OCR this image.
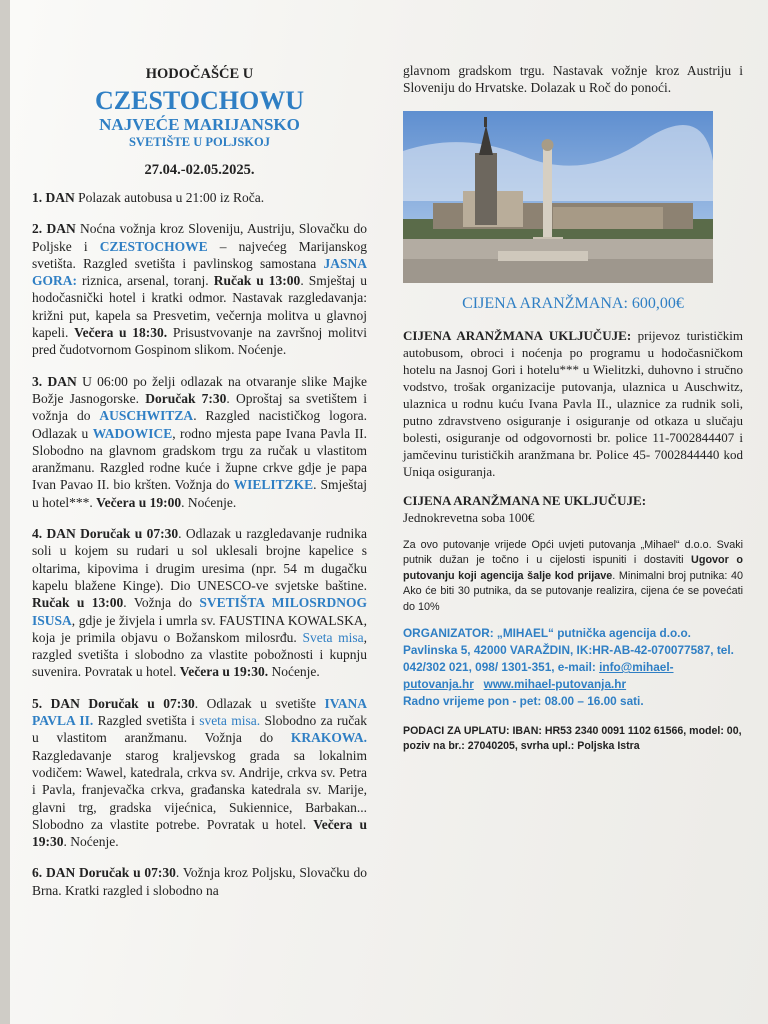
HODOČAŠĆE U
CZESTOCHOWU
NAJVEĆE MARIJANSKO
SVETIŠTE U POLJSKOJ
27.04.-02.05.2025.

1. DAN Polazak autobusa u 21:00 iz Roča.

2. DAN Noćna vožnja kroz Sloveniju, Austriju, Slovačku do Poljske i CZESTOCHOWE – najvećeg Marijanskog svetišta. Razgled svetišta i pavlinskog samostana JASNA GORA: riznica, arsenal, toranj. Ručak u 13:00. Smještaj u hodočasnički hotel i kratki odmor. Nastavak razgledavanja: križni put, kapela sa Presvetim, večernja molitva u glavnoj kapeli. Večera u 18:30. Prisustvovanje na završnoj molitvi pred čudotvornom Gospinom slikom. Noćenje.

3. DAN U 06:00 po želji odlazak na otvaranje slike Majke Božje Jasnogorske. Doručak 7:30. Oproštaj sa svetištem i vožnja do AUSCHWITZA. Razgled nacističkog logora. Odlazak u WADOWICE, rodno mjesta pape Ivana Pavla II. Slobodno na glavnom gradskom trgu za ručak u vlastitom aranžmanu. Razgled rodne kuće i župne crkve gdje je papa Ivan Pavao II. bio kršten. Vožnja do WIELITZKE. Smještaj u hotel***. Večera u 19:00. Noćenje.

4. DAN Doručak u 07:30. Odlazak u razgledavanje rudnika soli u kojem su rudari u sol uklesali brojne kapelice s oltarima, kipovima i drugim uresima (npr. 54 m dugačku kapelu blažene Kinge). Dio UNESCO-ve svjetske baštine. Ručak u 13:00. Vožnja do SVETIŠTA MILOSRDNOG ISUSA, gdje je živjela i umrla sv. FAUSTINA KOWALSKA, koja je primila objavu o Božanskom milosrđu. Sveta misa, razgled svetišta i slobodno za vlastite pobožnosti i kupnju suvenira. Povratak u hotel. Večera u 19:30. Noćenje.

5. DAN Doručak u 07:30. Odlazak u svetište IVANA PAVLA II. Razgled svetišta i sveta misa. Slobodno za ručak u vlastitom aranžmanu. Vožnja do KRAKOWA. Razgledavanje starog kraljevskog grada sa lokalnim vodičem: Wawel, katedrala, crkva sv. Andrije, crkva sv. Petra i Pavla, franjevačka crkva, građanska katedrala sv. Marije, glavni trg, gradska vijećnica, Sukiennice, Barbakan... Slobodno za vlastite potrebe. Povratak u hotel. Večera u 19:30. Noćenje.

6. DAN Doručak u 07:30. Vožnja kroz Poljsku, Slovačku do Brna. Kratki razgled i slobodno na

glavnom gradskom trgu. Nastavak vožnje kroz Austriju i Sloveniju do Hrvatske. Dolazak u Roč do ponoći.

CIJENA ARANŽMANA: 600,00€

CIJENA ARANŽMANA UKLJUČUJE: prijevoz turističkim autobusom, obroci i noćenja po programu u hodočasničkom hotelu na Jasnoj Gori i hotelu*** u Wielitzki, duhovno i stručno vodstvo, trošak organizacije putovanja, ulaznica u Auschwitz, ulaznica u rodnu kuću Ivana Pavla II., ulaznice za rudnik soli, putno zdravstveno osiguranje i osiguranje od otkaza u slučaju bolesti, osiguranje od odgovornosti br. police 11-7002844407 i jamčevinu turističkih aranžmana br. Police 45- 7002844440 kod Uniqa osiguranja.

CIJENA ARANŽMANA NE UKLJUČUJE:
Jednokrevetna soba 100€

Za ovo putovanje vrijede Opći uvjeti putovanja „Mihael“ d.o.o. Svaki putnik dužan je točno i u cijelosti ispuniti i dostaviti Ugovor o putovanju koji agencija šalje kod prijave. Minimalni broj putnika: 40 Ako će biti 30 putnika, da se putovanje realizira, cijena će se povećati do 10%

ORGANIZATOR: „MIHAEL“ putnička agencija d.o.o. Pavlinska 5, 42000 VARAŽDIN, IK:HR-AB-42-070077587, tel. 042/302 021, 098/ 1301-351, e-mail: info@mihael-putovanja.hr www.mihael-putovanja.hr
Radno vrijeme pon - pet: 08.00 – 16.00 sati.

PODACI ZA UPLATU: IBAN: HR53 2340 0091 1102 61566, model: 00, poziv na br.: 27040205, svrha upl.: Poljska Istra
